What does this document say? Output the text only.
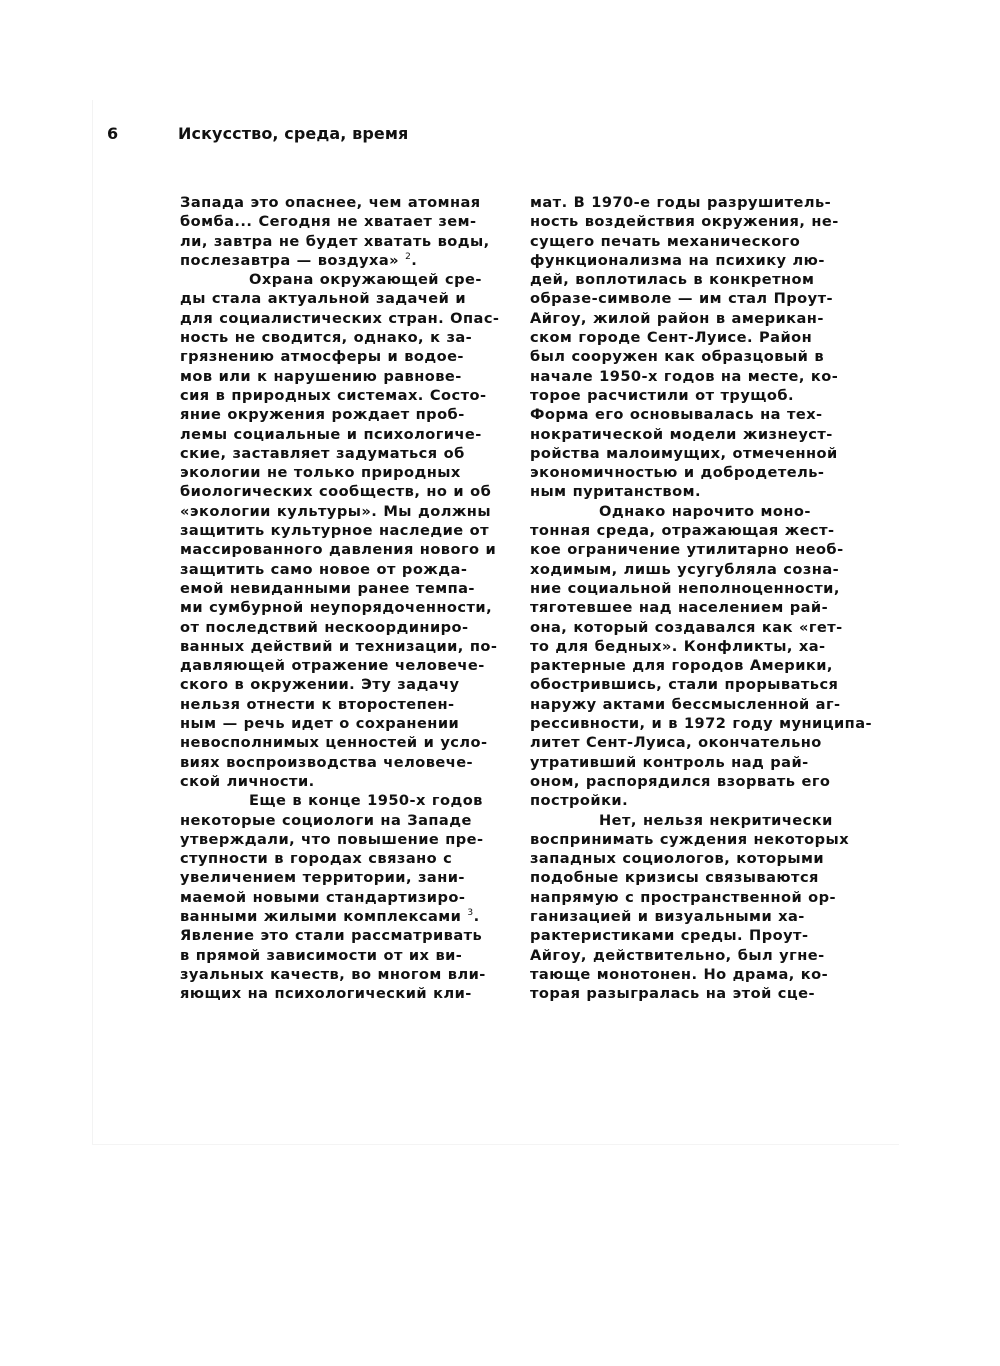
6	Искусство, среда, время
Запада это опаснее, чем атомная
бомба... Сегодня не хватает зем-
ли, завтра не будет хватать воды,
послезавтра — воздуха» $^2$.
Охрана окружающей сре-
ды стала актуальной задачей и
для социалистических стран. Опас-
ность не сводится, однако, к за-
грязнению атмосферы и водое-
мов или к нарушению равнове-
сия в природных системах. Состо-
яние окружения рождает проб-
лемы социальные и психологиче-
ские, заставляет задуматься об
экологии не только природных
биологических сообществ, но и об
«экологии культуры». Мы должны
защитить культурное наследие от
массированного давления нового и
защитить само новое от рожда-
емой невиданными ранее темпа-
ми сумбурной неупорядоченности,
от последствий нескоординиро-
ванных действий и технизации, по-
давляющей отражение человече-
ского в окружении. Эту задачу
нельзя отнести к второстепен-
ным — речь идет о сохранении
невосполнимых ценностей и усло-
виях воспроизводства человече-
ской личности.
Еще в конце 1950-х годов
некоторые социологи на Западе
утверждали, что повышение пре-
ступности в городах связано с
увеличением территории, зани-
маемой новыми стандартизиро-
ванными жилыми комплексами $^3$.
Явление это стали рассматривать
в прямой зависимости от их ви-
зуальных качеств, во многом вли-
яющих на психологический кли-
мат. В 1970-е годы разрушитель-
ность воздействия окружения, не-
сущего печать механического
функционализма на психику лю-
дей, воплотилась в конкретном
образе-символе — им стал Проут-
Айгоу, жилой район в американ-
ском городе Сент-Луисе. Район
был сооружен как образцовый в
начале 1950-х годов на месте, ко-
торое расчистили от трущоб.
Форма его основывалась на тех-
нократической модели жизнеуст-
ройства малоимущих, отмеченной
экономичностью и добродетель-
ным пуританством.
Однако нарочито моно-
тонная среда, отражающая жест-
кое ограничение утилитарно необ-
ходимым, лишь усугубляла созна-
ние социальной неполноценности,
тяготевшее над населением рай-
она, который создавался как «гет-
то для бедных». Конфликты, ха-
рактерные для городов Америки,
обострившись, стали прорываться
наружу актами бессмысленной аг-
рессивности, и в 1972 году муниципа-
литет Сент-Луиса, окончательно
утративший контроль над рай-
оном, распорядился взорвать его
постройки.
Нет, нельзя некритически
воспринимать суждения некоторых
западных социологов, которыми
подобные кризисы связываются
напрямую с пространственной ор-
ганизацией и визуальными ха-
рактеристиками среды. Проут-
Айгоу, действительно, был угне-
тающе монотонен. Но драма, ко-
торая разыгралась на этой сце-
